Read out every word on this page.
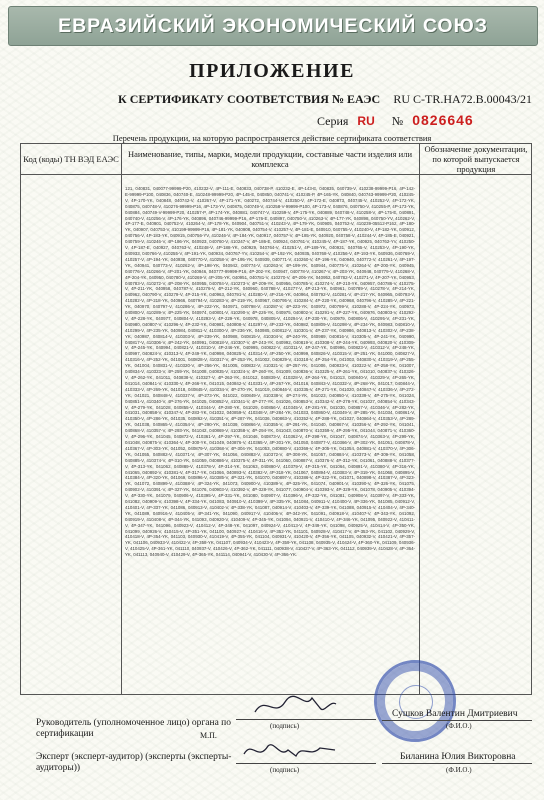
ЕВРАЗИЙСКИЙ ЭКОНОМИЧЕСКИЙ СОЮЗ
ПРИЛОЖЕНИЕ
К СЕРТИФИКАТУ СООТВЕТСТВИЯ № ЕАЭС RU С-TR.НА72.В.00043/21
Серия RU № 0826646
Перечень продукции, на которую распространяется действие сертификата соответствия
Код (коды) ТН ВЭД ЕАЭС	Наименование, типы, марки, модели продукции, составные части изделия или комплекса
Обозначение документации, по которой выпускается продукция
121, 040831, 040077-99999-P20, 410232-V, 4P-111-Е, 040833, 040738-Р, 410232-Е, 4P-143-Е, 040835, 040739-V, 410238-99999-P16, 4P-142-Е-99999-P100, 040836, 040740-Е, 410248-99999-P20, 4P-145-Е, 040850, 040741-V, 410245-Р, 4P-165-YK, 040840, 040743-99999-P20, 410245-V, 4P-170-YK, 040848, 040742-V, 410267-V, 4P-171-YK, 040272, 040744-V, 410250-V, 4P-172-Е, 040873, 040745-V, 410252-V, 4P-172-YK, 040875, 040748-V, 410276-99999-P16, 4P-173-YV, 040875, 040749-V, 410258-V-99999-P100, 4P-173-V, 040876, 040750-V, 410255-P, 4P-173-YK, 040884, 040749-V-99999-P20, 410257-P, 4P-174-YK, 040881, 040747-V, 410259-V, 4P-175-YK, 040889, 040748-V, 410258-V, 4P-175-Е, 040891, 040740-V, 410256-V, 4P-176-YK, 040896, 040746-99999-P16, 4P-176-Е, 040897, 040750-V, 410263-V, 4P-177-YK, 040898, 040750-YV, 410262-V, 4P-177-Е, 040901, 040752-V, 410264-V, 4P-178-YK, 040904, 040751-V, 410243-V, 4P-179-YK, 040905, 040752-V, 410239-05512-P162, 4P-180-YK, 040907, 040753-V, 410199-99999-P16, 4P-181-YK, 040908, 040754-V, 410257-V, 4P-181-Е, 040910, 040755-V, 410240-V, 4P-182-YK, 040912, 040756-V, 4P-183-YK, 040915, 040756-YV, 410246-V, 4P-184-YK, 040917, 040757-V, 4P-185-YK, 040920, 040758-V, 410244-V, 4P-185-Е, 040921, 040759-V, 410246-V, 4P-186-YK, 040923, 040760-V, 410247-V, 4P-186-Е, 040924, 040761-V, 410245-V, 4P-187-YK, 040925, 040762-YV, 410250-V, 4P-187-Е, 040927, 040763-V, 410248-V, 4P-188-YK, 040929, 040764-V, 410251-V, 4P-189-YK, 040931, 040765-V, 410253-V, 4P-190-YK, 040933, 040766-V, 410255-V, 4P-191-YK, 040934, 040767-YV, 410254-V, 4P-192-YK, 040935, 040768-V, 410256-V, 4P-193-YK, 040936, 040769-V, 410257-V, 4P-194-YK, 040938, 040770-V, 410258-V, 4P-195-YK, 040939, 040771-V, 410260-V, 4P-196-YK, 040940, 040772-V, 410261-V, 4P-197-YK, 040941, 040773-V, 410262-V, 4P-198-YK, 040942, 040774-V, 410263-V, 4P-199-YK, 040944, 040775-V, 410264-V, 4P-200-YK, 040945, 040776-V, 410266-V, 4P-201-YK, 040946, 040777-99999-P16, 4P-202-YK, 040947, 040778-V, 410267-V, 4P-203-YK, 040948, 040779-V, 410268-V, 4P-204-YK, 040950, 040780-V, 410269-V, 4P-205-YK, 040951, 040781-V, 410270-V, 4P-206-YK, 040952, 040782-V, 410271-V, 4P-207-YK, 040953, 040783-V, 410272-V, 4P-208-YK, 040955, 040784-V, 410273-V, 4P-209-YK, 040956, 040785-V, 410274-V, 4P-210-YK, 040957, 040786-V, 410275-V, 4P-211-YK, 040958, 040787-V, 410276-V, 4P-212-YK, 040960, 040788-V, 410277-V, 4P-213-YK, 040961, 040789-V, 410278-V, 4P-214-YK, 040962, 040790-V, 410279-V, 4P-215-YK, 040963, 040791-V, 410280-V, 4P-216-YK, 040964, 040792-V, 410281-V, 4P-217-YK, 040965, 040793-V, 410282-V, 4P-218-YK, 040966, 040794-V, 410283-V, 4P-219-YK, 040967, 040795-V, 410284-V, 4P-220-YK, 040968, 040796-V, 410285-V, 4P-221-YK, 040970, 040797-V, 410286-V, 4P-222-YK, 040971, 040798-V, 410287-V, 4P-223-YK, 040972, 040799-V, 410288-V, 4P-224-YK, 040973, 040800-V, 410289-V, 4P-225-YK, 040974, 040801-V, 410290-V, 4P-226-YK, 040975, 040802-V, 410291-V, 4P-227-YK, 040976, 040803-V, 410292-V, 4P-228-YK, 040977, 040804-V, 410293-V, 4P-229-YK, 040978, 040805-V, 410294-V, 4P-230-YK, 040979, 040806-V, 410295-V, 4P-231-YK, 040980, 040807-V, 410296-V, 4P-232-YK, 040981, 040808-V, 410297-V, 4P-233-YK, 040982, 040809-V, 410298-V, 4P-234-YK, 040983, 040810-V, 410299-V, 4P-235-YK, 040984, 040811-V, 410300-V, 4P-236-YK, 040985, 040812-V, 410301-V, 4P-237-YK, 040986, 040813-V, 410302-V, 4P-238-YK, 040987, 040814-V, 410303-V, 4P-239-YK, 040988, 040815-V, 410304-V, 4P-240-YK, 040989, 040816-V, 410305-V, 4P-241-YK, 040990, 040817-V, 410306-V, 4P-242-YK, 040991, 040818-V, 410307-V, 4P-243-YK, 040992, 040819-V, 410308-V, 4P-244-YK, 040993, 040820-V, 410309-V, 4P-245-YK, 040994, 040821-V, 410310-V, 4P-246-YK, 040995, 040822-V, 410311-V, 4P-247-YK, 040996, 040823-V, 410312-V, 4P-248-YK, 040997, 040824-V, 410313-V, 4P-249-YK, 040998, 040825-V, 410314-V, 4P-250-YK, 040999, 040826-V, 410315-V, 4P-251-YK, 041000, 040827-V, 410316-V, 4P-252-YK, 041001, 040828-V, 410317-V, 4P-253-YK, 041002, 040829-V, 410318-V, 4P-254-YK, 041003, 040830-V, 410319-V, 4P-255-YK, 041004, 040831-V, 410320-V, 4P-256-YK, 041005, 040832-V, 410321-V, 4P-257-YK, 041006, 040833-V, 410322-V, 4P-258-YK, 041007, 040834-V, 410323-V, 4P-259-YK, 041008, 040835-V, 410324-V, 4P-260-YK, 041009, 040836-V, 410325-V, 4P-261-YK, 041010, 040837-V, 410326-V, 4P-262-YK, 041011, 040838-V, 410327-V, 4P-263-YK, 041012, 040839-V, 410328-V, 4P-264-YK, 041013, 040840-V, 410329-V, 4P-265-YK, 041014, 040841-V, 410330-V, 4P-266-YK, 041015, 040842-V, 410331-V, 4P-267-YK, 041016, 040843-V, 410332-V, 4P-268-YK, 041017, 040844-V, 410333-V, 4P-269-YK, 041018, 040845-V, 410334-V, 4P-270-YK, 041019, 040846-V, 410335-V, 4P-271-YK, 041020, 040847-V, 410336-V, 4P-272-YK, 041021, 040848-V, 410337-V, 4P-273-YK, 041022, 040849-V, 410338-V, 4P-274-YK, 041023, 040850-V, 410339-V, 4P-275-YK, 041024, 040851-V, 410340-V, 4P-276-YK, 041025, 040852-V, 410341-V, 4P-277-YK, 041026, 040853-V, 410342-V, 4P-278-YK, 041027, 040854-V, 410343-V, 4P-279-YK, 041028, 040855-V, 410344-V, 4P-280-YK, 041029, 040856-V, 410345-V, 4P-281-YK, 041030, 040857-V, 410346-V, 4P-282-YK, 041031, 040858-V, 410347-V, 4P-283-YK, 041032, 040859-V, 410348-V, 4P-284-YK, 041033, 040860-V, 410349-V, 4P-285-YK, 041034, 040861-V, 410350-V, 4P-286-YK, 041035, 040862-V, 410351-V, 4P-287-YK, 041036, 040863-V, 410352-V, 4P-288-YK, 041037, 040864-V, 410353-V, 4P-289-YK, 041038, 040865-V, 410354-V, 4P-290-YK, 041039, 040866-V, 410355-V, 4P-291-YK, 041040, 040867-V, 410356-V, 4P-292-YK, 041041, 040868-V, 410357-V, 4P-293-YK, 041042, 040869-V, 410358-V, 4P-294-YK, 041043, 040870-V, 410359-V, 4P-295-YK, 041044, 040871-V, 410360-V, 4P-296-YK, 041045, 040872-V, 410361-V, 4P-297-YK, 041046, 040873-V, 410362-V, 4P-298-YK, 041047, 040874-V, 410363-V, 4P-299-YK, 041048, 040875-V, 410364-V, 4P-300-YK, 041049, 040876-V, 410365-V, 4P-301-YK, 041050, 040877-V, 410366-V, 4P-302-YK, 041051, 040878-V, 410367-V, 4P-303-YK, 041052, 040879-V, 410368-V, 4P-304-YK, 041053, 040880-V, 410369-V, 4P-305-YK, 041054, 040881-V, 410370-V, 4P-306-YK, 041055, 040882-V, 410371-V, 4P-307-YK, 041056, 040883-V, 410372-V, 4P-308-YK, 041057, 040884-V, 410373-V, 4P-309-YK, 041058, 040885-V, 410374-V, 4P-310-YK, 041059, 040886-V, 410375-V, 4P-311-YK, 041060, 040887-V, 410376-V, 4P-312-YK, 041061, 040888-V, 410377-V, 4P-313-YK, 041062, 040889-V, 410378-V, 4P-314-YK, 041063, 040890-V, 410379-V, 4P-315-YK, 041064, 040891-V, 410380-V, 4P-316-YK, 041065, 040892-V, 410381-V, 4P-317-YK, 041066, 040893-V, 410382-V, 4P-318-YK, 041067, 040894-V, 410383-V, 4P-319-YK, 041068, 040895-V, 410384-V, 4P-320-YK, 041069, 040896-V, 410385-V, 4P-321-YK, 041070, 040897-V, 410386-V, 4P-322-YK, 041071, 040898-V, 410387-V, 4P-323-YK, 041072, 040899-V, 410388-V, 4P-324-YK, 041073, 040900-V, 410389-V, 4P-325-YK, 041074, 040901-V, 410390-V, 4P-326-YK, 041075, 040902-V, 410391-V, 4P-327-YK, 041076, 040903-V, 410392-V, 4P-328-YK, 041077, 040904-V, 410393-V, 4P-329-YK, 041078, 040905-V, 410394-V, 4P-330-YK, 041079, 040906-V, 410395-V, 4P-331-YK, 041080, 040907-V, 410396-V, 4P-332-YK, 041081, 040908-V, 410397-V, 4P-333-YK, 041082, 040909-V, 410398-V, 4P-334-YK, 041083, 040910-V, 410399-V, 4P-335-YK, 041084, 040911-V, 410400-V, 4P-336-YK, 041085, 040912-V, 410401-V, 4P-337-YK, 041086, 040913-V, 410402-V, 4P-338-YK, 041087, 040914-V, 410403-V, 4P-339-YK, 041088, 040915-V, 410404-V, 4P-340-YK, 041089, 040916-V, 410405-V, 4P-341-YK, 041090, 040917-V, 410406-V, 4P-342-YK, 041091, 040918-V, 410407-V, 4P-343-YK, 041092, 040919-V, 410408-V, 4P-344-YK, 041093, 040920-V, 410409-V, 4P-345-YK, 041094, 040921-V, 410410-V, 4P-346-YK, 041095, 040922-V, 410411-V, 4P-347-YK, 041096, 040923-V, 410412-V, 4P-348-YK, 041097, 040924-V, 410413-V, 4P-349-YK, 041098, 040925-V, 410414-V, 4P-350-YK, 041099, 040926-V, 410415-V, 4P-351-YK, 041100, 040927-V, 410416-V, 4P-352-YK, 041101, 040928-V, 410417-V, 4P-353-YK, 041102, 040929-V, 410418-V, 4P-354-YK, 041103, 040930-V, 410419-V, 4P-355-YK, 041104, 040931-V, 410420-V, 4P-356-YK, 041105, 040932-V, 410421-V, 4P-357-YK, 041106, 040933-V, 410422-V, 4P-358-YK, 041107, 040934-V, 410423-V, 4P-359-YK, 041108, 040935-V, 410424-V, 4P-360-YK, 041109, 040936-V, 410425-V, 4P-361-YK, 041110, 040937-V, 410426-V, 4P-362-YK, 041111, 040938-V, 410427-V, 4P-363-YK, 041112, 040939-V, 410428-V, 4P-364-YK, 041113, 040940-V, 410429-V, 4P-365-YK, 041114, 040941-V, 410430-V, 4P-366-YK.
Руководитель (уполномоченное лицо) органа по сертификации
(подпись)
Сушков Валентин Дмитриевич
(Ф.И.О.)
М.П.
Эксперт (эксперт-аудитор) (эксперты (эксперты-аудиторы))	(подпись)
Биланина Юлия Викторовна
(Ф.И.О.)
